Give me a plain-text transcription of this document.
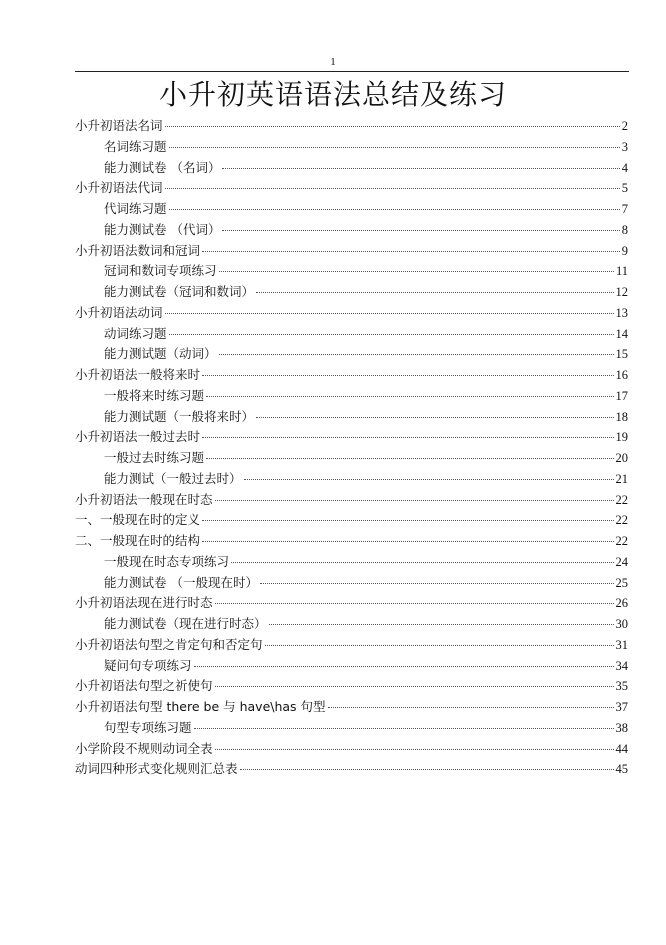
1
小升初英语语法总结及练习
小升初语法名词	2
名词练习题	3
能力测试卷 （名词）	4
小升初语法代词	5
代词练习题	7
能力测试卷 （代词）	8
小升初语法数词和冠词	9
冠词和数词专项练习	11
能力测试卷（冠词和数词）	12
小升初语法动词	13
动词练习题	14
能力测试题（动词）	15
小升初语法一般将来时	16
一般将来时练习题	17
能力测试题（一般将来时）	18
小升初语法一般过去时	19
一般过去时练习题	20
能力测试（一般过去时）	21
小升初语法一般现在时态	22
一、一般现在时的定义	22
二、一般现在时的结构	22
一般现在时态专项练习	24
能力测试卷 （一般现在时）	25
小升初语法现在进行时态	26
能力测试卷（现在进行时态）	30
小升初语法句型之肯定句和否定句	31
疑问句专项练习	34
小升初语法句型之祈使句	35
小升初语法句型 there be 与 have\has 句型	37
句型专项练习题	38
小学阶段不规则动词全表	44
动词四种形式变化规则汇总表	45
